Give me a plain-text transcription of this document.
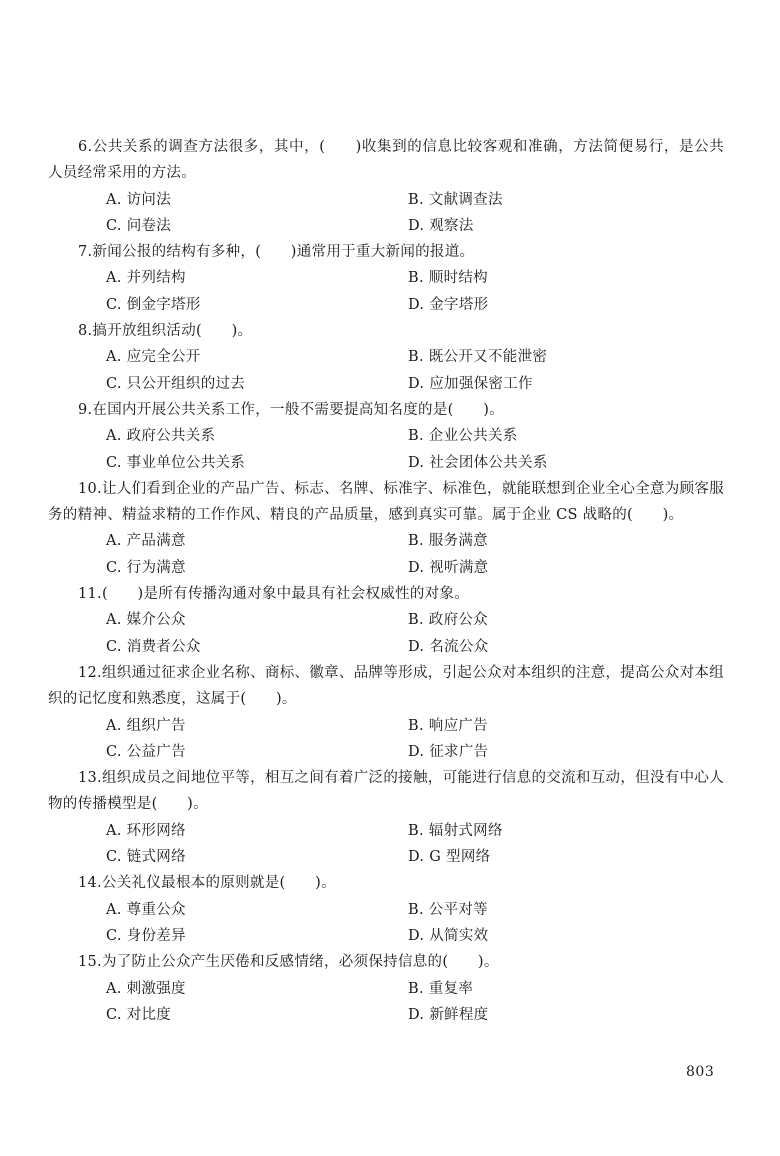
6.公共关系的调查方法很多，其中，(　　)收集到的信息比较客观和准确，方法简便易行，是公共人员经常采用的方法。

A. 访问法	B. 文献调查法
C. 问卷法	D. 观察法

7.新闻公报的结构有多种，(　　)通常用于重大新闻的报道。

A. 并列结构	B. 顺时结构
C. 倒金字塔形	D. 金字塔形

8.搞开放组织活动(　　)。

A. 应完全公开	B. 既公开又不能泄密
C. 只公开组织的过去	D. 应加强保密工作

9.在国内开展公共关系工作，一般不需要提高知名度的是(　　)。

A. 政府公共关系	B. 企业公共关系
C. 事业单位公共关系	D. 社会团体公共关系

10.让人们看到企业的产品广告、标志、名牌、标准字、标准色，就能联想到企业全心全意为顾客服务的精神、精益求精的工作作风、精良的产品质量，感到真实可靠。属于企业 CS 战略的(　　)。

A. 产品满意	B. 服务满意
C. 行为满意	D. 视听满意

11.(　　)是所有传播沟通对象中最具有社会权威性的对象。

A. 媒介公众	B. 政府公众
C. 消费者公众	D. 名流公众

12.组织通过征求企业名称、商标、徽章、品牌等形成，引起公众对本组织的注意，提高公众对本组织的记忆度和熟悉度，这属于(　　)。

A. 组织广告	B. 响应广告
C. 公益广告	D. 征求广告

13.组织成员之间地位平等，相互之间有着广泛的接触，可能进行信息的交流和互动，但没有中心人物的传播模型是(　　)。

A. 环形网络	B. 辐射式网络
C. 链式网络	D. G 型网络

14.公关礼仪最根本的原则就是(　　)。

A. 尊重公众	B. 公平对等
C. 身份差异	D. 从简实效

15.为了防止公众产生厌倦和反感情绪，必须保持信息的(　　)。

A. 刺激强度	B. 重复率
C. 对比度	D. 新鲜程度
803
